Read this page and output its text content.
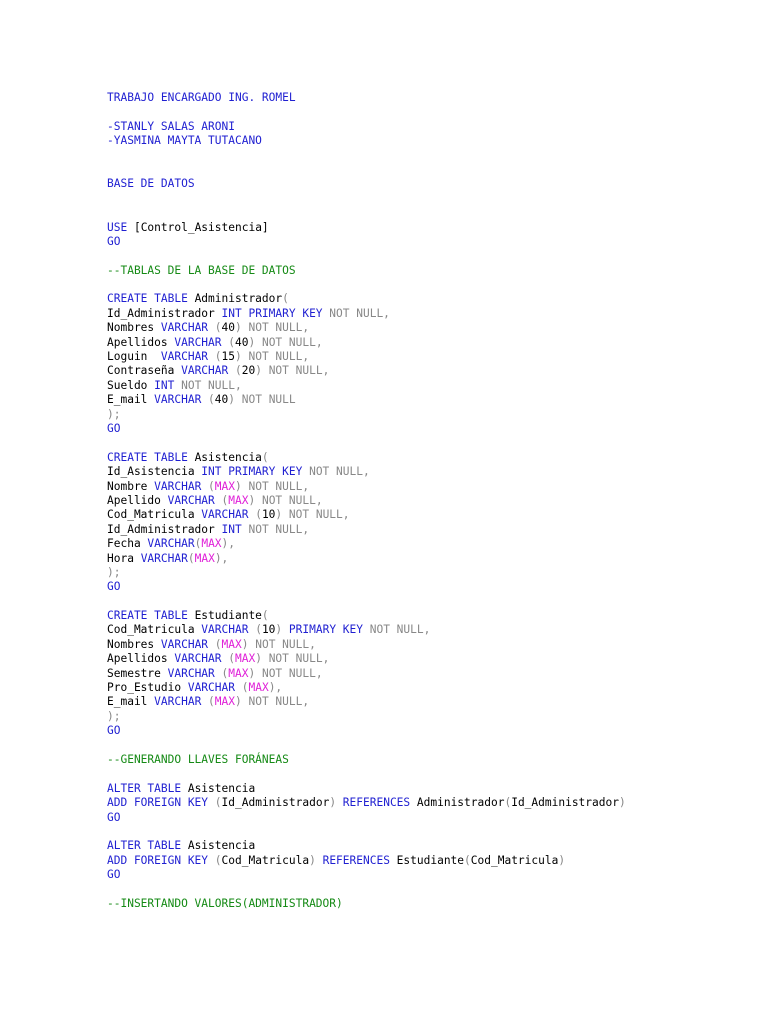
TRABAJO ENCARGADO ING. ROMEL
-STANLY SALAS ARONI
-YASMINA MAYTA TUTACANO
BASE DE DATOS
USE [Control_Asistencia]
GO
--TABLAS DE LA BASE DE DATOS
CREATE TABLE Administrador(
Id_Administrador INT PRIMARY KEY NOT NULL,
Nombres VARCHAR (40) NOT NULL,
Apellidos VARCHAR (40) NOT NULL,
Loguin  VARCHAR (15) NOT NULL,
Contraseña VARCHAR (20) NOT NULL,
Sueldo INT NOT NULL,
E_mail VARCHAR (40) NOT NULL
);
GO
CREATE TABLE Asistencia(
Id_Asistencia INT PRIMARY KEY NOT NULL,
Nombre VARCHAR (MAX) NOT NULL,
Apellido VARCHAR (MAX) NOT NULL,
Cod_Matricula VARCHAR (10) NOT NULL,
Id_Administrador INT NOT NULL,
Fecha VARCHAR(MAX),
Hora VARCHAR(MAX),
);
GO
CREATE TABLE Estudiante(
Cod_Matricula VARCHAR (10) PRIMARY KEY NOT NULL,
Nombres VARCHAR (MAX) NOT NULL,
Apellidos VARCHAR (MAX) NOT NULL,
Semestre VARCHAR (MAX) NOT NULL,
Pro_Estudio VARCHAR (MAX),
E_mail VARCHAR (MAX) NOT NULL,
);
GO
--GENERANDO LLAVES FORÁNEAS
ALTER TABLE Asistencia
ADD FOREIGN KEY (Id_Administrador) REFERENCES Administrador(Id_Administrador)
GO
ALTER TABLE Asistencia
ADD FOREIGN KEY (Cod_Matricula) REFERENCES Estudiante(Cod_Matricula)
GO
--INSERTANDO VALORES(ADMINISTRADOR)
